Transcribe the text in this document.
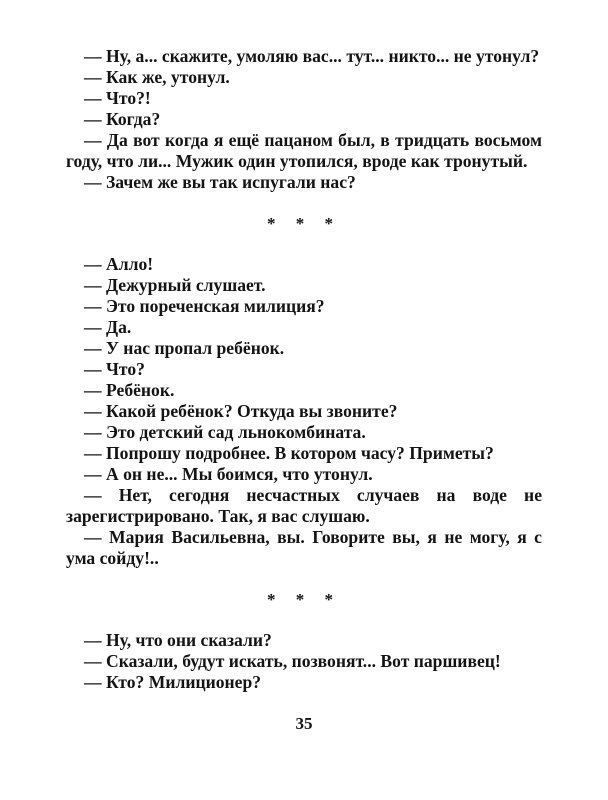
— Ну, а... скажите, умоляю вас... тут... никто... не утонул?

— Как же, утонул.

— Что?!

— Когда?

— Да вот когда я ещё пацаном был, в тридцать восьмом году, что ли... Мужик один утопился, вроде как тронутый.

— Зачем же вы так испугали нас?

* * *

— Алло!

— Дежурный слушает.

— Это пореченская милиция?

— Да.

— У нас пропал ребёнок.

— Что?

— Ребёнок.

— Какой ребёнок? Откуда вы звоните?

— Это детский сад льнокомбината.

— Попрошу подробнее. В котором часу? Приметы?

— А он не... Мы боимся, что утонул.

— Нет, сегодня несчастных случаев на воде не зарегистрировано. Так, я вас слушаю.

— Мария Васильевна, вы. Говорите вы, я не могу, я с ума сойду!..

* * *

— Ну, что они сказали?

— Сказали, будут искать, позвонят... Вот паршивец!

— Кто? Милиционер?

35
